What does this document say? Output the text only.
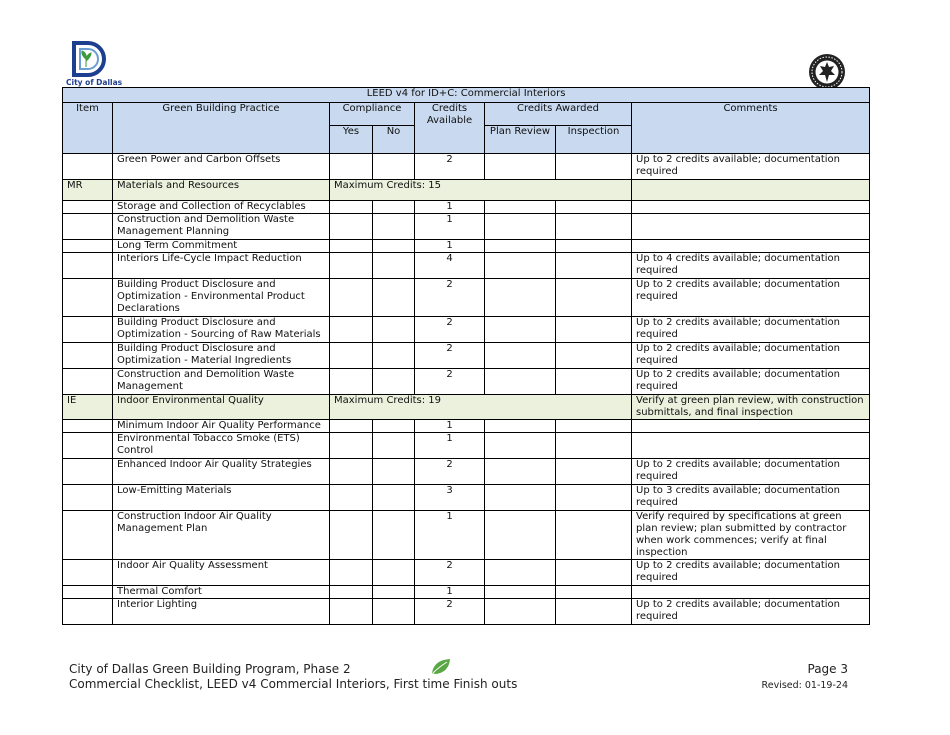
City of Dallas
LEED v4 for ID+C: Commercial Interiors							
Item	Green Building Practice	Compliance		Credits Available	Credits Awarded		Comments
		Yes	No		Plan Review	Inspection	
	Green Power and Carbon Offsets			2			Up to 2 credits available; documentation required
MR	Materials and Resources	Maximum Credits: 15					
	Storage and Collection of Recyclables			1			
	Construction and Demolition Waste Management Planning			1			
	Long Term Commitment			1			
	Interiors Life-Cycle Impact Reduction			4			Up to 4 credits available; documentation required
	Building Product Disclosure and Optimization - Environmental Product Declarations			2			Up to 2 credits available; documentation required
	Building Product Disclosure and Optimization - Sourcing of Raw Materials			2			Up to 2 credits available; documentation required
	Building Product Disclosure and Optimization - Material Ingredients			2			Up to 2 credits available; documentation required
	Construction and Demolition Waste Management			2			Up to 2 credits available; documentation required
IE	Indoor Environmental Quality	Maximum Credits: 19					Verify at green plan review, with construction submittals, and final inspection
	Minimum Indoor Air Quality Performance			1			
	Environmental Tobacco Smoke (ETS) Control			1			
	Enhanced Indoor Air Quality Strategies			2			Up to 2 credits available; documentation required
	Low-Emitting Materials			3			Up to 3 credits available; documentation required
	Construction Indoor Air Quality Management Plan			1			Verify required by specifications at green plan review; plan submitted by contractor when work commences; verify at final inspection
	Indoor Air Quality Assessment			2			Up to 2 credits available; documentation required
	Thermal Comfort			1			
	Interior Lighting			2			Up to 2 credits available; documentation required
City of Dallas Green Building Program, Phase 2
Commercial Checklist, LEED v4 Commercial Interiors, First time Finish outs
Page 3
Revised: 01-19-24
